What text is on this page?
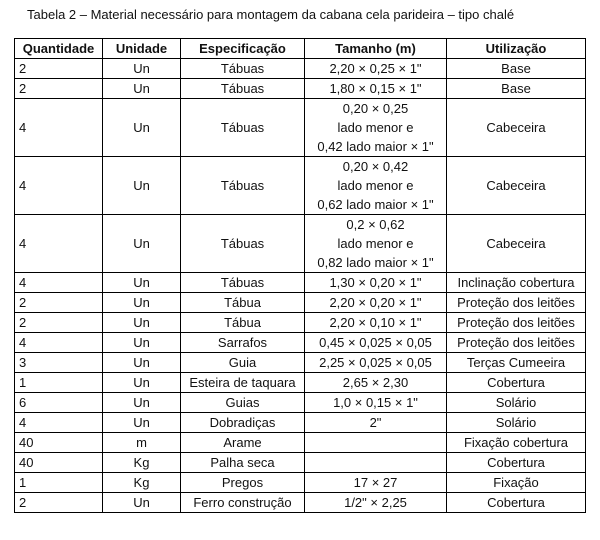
Tabela 2 – Material necessário para montagem da cabana cela parideira – tipo chalé
Quantidade	Unidade	Especificação	Tamanho (m)	Utilização
2	Un	Tábuas	2,20 × 0,25 × 1"	Base
2	Un	Tábuas	1,80 × 0,15 × 1"	Base
4	Un	Tábuas	0,20 × 0,25
lado menor e
0,42 lado maior × 1"	Cabeceira
4	Un	Tábuas	0,20 × 0,42
lado menor e
0,62 lado maior × 1"	Cabeceira
4	Un	Tábuas	0,2 × 0,62
lado menor e
0,82 lado maior × 1"	Cabeceira
4	Un	Tábuas	1,30 × 0,20 × 1"	Inclinação cobertura
2	Un	Tábua	2,20 × 0,20 × 1"	Proteção dos leitões
2	Un	Tábua	2,20 × 0,10 × 1"	Proteção dos leitões
4	Un	Sarrafos	0,45 × 0,025 × 0,05	Proteção dos leitões
3	Un	Guia	2,25 × 0,025 × 0,05	Terças Cumeeira
1	Un	Esteira de taquara	2,65 × 2,30	Cobertura
6	Un	Guias	1,0 × 0,15 × 1"	Solário
4	Un	Dobradiças	2"	Solário
40	m	Arame		Fixação cobertura
40	Kg	Palha seca		Cobertura
1	Kg	Pregos	17 × 27	Fixação
2	Un	Ferro construção	1/2" × 2,25	Cobertura
